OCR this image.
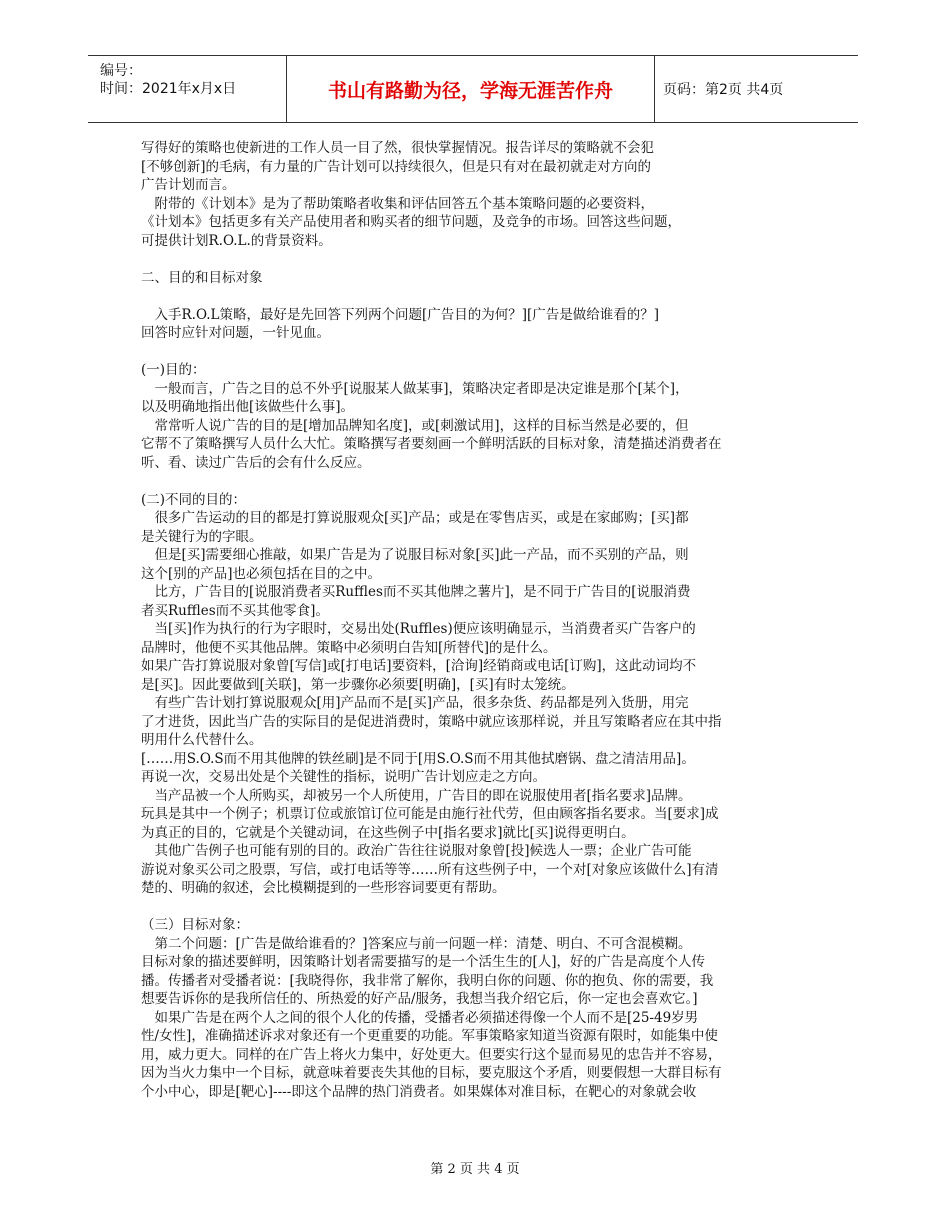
编号：
时间：2021年x月x日	书山有路勤为径，学海无涯苦作舟	页码：第2页 共4页
写得好的策略也使新进的工作人员一目了然，很快掌握情况。报告详尽的策略就不会犯
[不够创新]的毛病，有力量的广告计划可以持续很久，但是只有对在最初就走对方向的
广告计划而言。
　附带的《计划本》是为了帮助策略者收集和评估回答五个基本策略问题的必要资料，
《计划本》包括更多有关产品使用者和购买者的细节问题，及竞争的市场。回答这些问题，
可提供计划R.O.L.的背景资料。
二、目的和目标对象
　入手R.O.L策略，最好是先回答下列两个问题[广告目的为何？][广告是做给谁看的？]
回答时应针对问题，一针见血。
(一)目的：
　一般而言，广告之目的总不外乎[说服某人做某事]，策略决定者即是决定谁是那个[某个]，
以及明确地指出他[该做些什么事]。
　常常听人说广告的目的是[增加品牌知名度]，或[刺激试用]，这样的目标当然是必要的，但
它帮不了策略撰写人员什么大忙。策略撰写者要刻画一个鲜明活跃的目标对象，清楚描述消费者在
听、看、读过广告后的会有什么反应。
(二)不同的目的：
　很多广告运动的目的都是打算说服观众[买]产品；或是在零售店买，或是在家邮购；[买]都
是关键行为的字眼。
　但是[买]需要细心推敲，如果广告是为了说服目标对象[买]此一产品，而不买别的产品，则
这个[别的产品]也必须包括在目的之中。
　比方，广告目的[说服消费者买Ruffles而不买其他牌之薯片]，是不同于广告目的[说服消费
者买Ruffles而不买其他零食]。
　当[买]作为执行的行为字眼时，交易出处(Ruffles)便应该明确显示，当消费者买广告客户的
品牌时，他便不买其他品牌。策略中必须明白告知[所替代]的是什么。
如果广告打算说服对象曾[写信]或[打电话]要资料，[洽询]经销商或电话[订购]，这此动词均不
是[买]。因此要做到[关联]，第一步骤你必须要[明确]，[买]有时太笼统。
　有些广告计划打算说服观众[用]产品而不是[买]产品，很多杂货、药品都是列入货册，用完
了才进货，因此当广告的实际目的是促进消费时，策略中就应该那样说，并且写策略者应在其中指
明用什么代替什么。
[……用S.O.S而不用其他牌的铁丝刷]是不同于[用S.O.S而不用其他拭磨锅、盘之清洁用品]。
再说一次，交易出处是个关键性的指标，说明广告计划应走之方向。
　当产品被一个人所购买，却被另一个人所使用，广告目的即在说服使用者[指名要求]品牌。
玩具是其中一个例子；机票订位或旅馆订位可能是由施行社代劳，但由顾客指名要求。当[要求]成
为真正的目的，它就是个关键动词，在这些例子中[指名要求]就比[买]说得更明白。
　其他广告例子也可能有别的目的。政治广告往往说服对象曾[投]候选人一票；企业广告可能
游说对象买公司之股票，写信，或打电话等等……所有这些例子中，一个对[对象应该做什么]有清
楚的、明确的叙述，会比模糊提到的一些形容词要更有帮助。
（三）目标对象：
　第二个问题：[广告是做给谁看的？]答案应与前一问题一样：清楚、明白、不可含混模糊。
目标对象的描述要鲜明，因策略计划者需要描写的是一个活生生的[人]，好的广告是高度个人传
播。传播者对受播者说：[我晓得你，我非常了解你，我明白你的问题、你的抱负、你的需要，我
想要告诉你的是我所信任的、所热爱的好产品/服务，我想当我介绍它后，你一定也会喜欢它。]
　如果广告是在两个人之间的很个人化的传播，受播者必须描述得像一个人而不是[25-49岁男
性/女性]，准确描述诉求对象还有一个更重要的功能。军事策略家知道当资源有限时，如能集中使
用，威力更大。同样的在广告上将火力集中，好处更大。但要实行这个显而易见的忠告并不容易，
因为当火力集中一个目标，就意味着要丧失其他的目标，要克服这个矛盾，则要假想一大群目标有
个小中心，即是[靶心]----即这个品牌的热门消费者。如果媒体对准目标，在靶心的对象就会收
第 2 页 共 4 页
